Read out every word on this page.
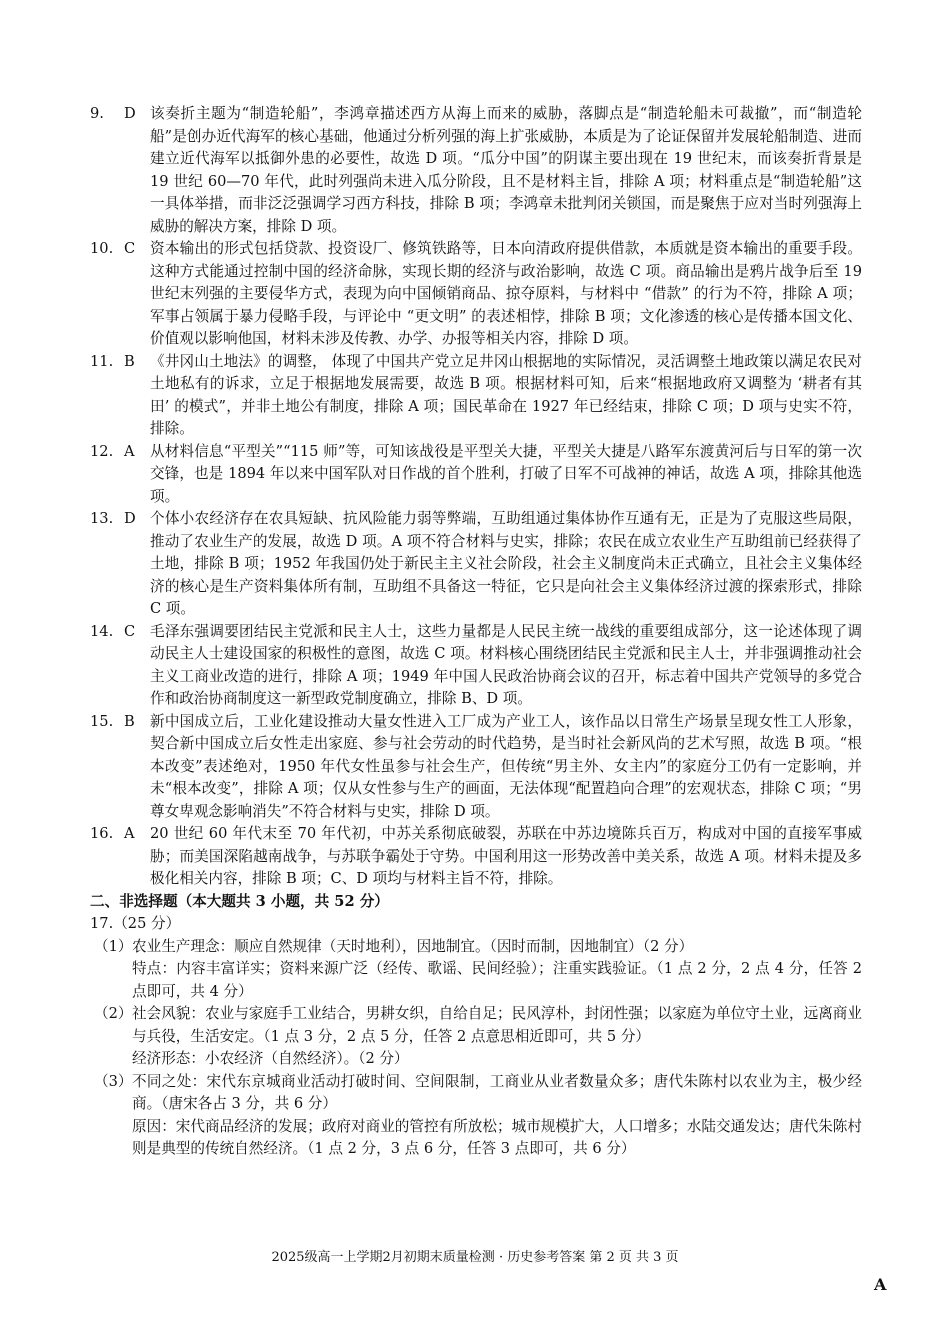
9.	D 该奏折主题为“制造轮船”，李鸿章描述西方从海上而来的威胁，落脚点是“制造轮船未可裁撤”，而“制造轮船”是创办近代海军的核心基础，他通过分析列强的海上扩张威胁，本质是为了论证保留并发展轮船制造、进而建立近代海军以抵御外患的必要性，故选 D 项。“瓜分中国”的阴谋主要出现在 19 世纪末，而该奏折背景是 19 世纪 60—70 年代，此时列强尚未进入瓜分阶段，且不是材料主旨，排除 A 项；材料重点是“制造轮船”这一具体举措，而非泛泛强调学习西方科技，排除 B 项；李鸿章未批判闭关锁国，而是聚焦于应对当时列强海上威胁的解决方案，排除 D 项。
10. C 资本输出的形式包括贷款、投资设厂、修筑铁路等，日本向清政府提供借款，本质就是资本输出的重要手段。这种方式能通过控制中国的经济命脉，实现长期的经济与政治影响，故选 C 项。商品输出是鸦片战争后至 19 世纪末列强的主要侵华方式，表现为向中国倾销商品、掠夺原料，与材料中 “借款” 的行为不符，排除 A 项；军事占领属于暴力侵略手段，与评论中 “更文明” 的表述相悖，排除 B 项；文化渗透的核心是传播本国文化、价值观以影响他国，材料未涉及传教、办学、办报等相关内容，排除 D 项。
11. B 《井冈山土地法》的调整， 体现了中国共产党立足井冈山根据地的实际情况，灵活调整土地政策以满足农民对土地私有的诉求，立足于根据地发展需要，故选 B 项。根据材料可知，后来“根据地政府又调整为 ‘耕者有其田’ 的模式”，并非土地公有制度，排除 A 项；国民革命在 1927 年已经结束，排除 C 项；D 项与史实不符，排除。
12. A 从材料信息“平型关”“115 师”等，可知该战役是平型关大捷，平型关大捷是八路军东渡黄河后与日军的第一次交锋，也是 1894 年以来中国军队对日作战的首个胜利，打破了日军不可战神的神话，故选 A 项，排除其他选项。
13. D 个体小农经济存在农具短缺、抗风险能力弱等弊端，互助组通过集体协作互通有无，正是为了克服这些局限，推动了农业生产的发展，故选 D 项。A 项不符合材料与史实，排除；农民在成立农业生产互助组前已经获得了土地，排除 B 项；1952 年我国仍处于新民主主义社会阶段，社会主义制度尚未正式确立，且社会主义集体经济的核心是生产资料集体所有制，互助组不具备这一特征，它只是向社会主义集体经济过渡的探索形式，排除 C 项。
14. C 毛泽东强调要团结民主党派和民主人士，这些力量都是人民民主统一战线的重要组成部分，这一论述体现了调动民主人士建设国家的积极性的意图，故选 C 项。材料核心围绕团结民主党派和民主人士，并非强调推动社会主义工商业改造的进行，排除 A 项；1949 年中国人民政治协商会议的召开，标志着中国共产党领导的多党合作和政治协商制度这一新型政党制度确立，排除 B、D 项。
15. B 新中国成立后，工业化建设推动大量女性进入工厂成为产业工人，该作品以日常生产场景呈现女性工人形象，契合新中国成立后女性走出家庭、参与社会劳动的时代趋势，是当时社会新风尚的艺术写照，故选 B 项。“根本改变”表述绝对，1950 年代女性虽参与社会生产，但传统“男主外、女主内”的家庭分工仍有一定影响，并未“根本改变”，排除 A 项；仅从女性参与生产的画面，无法体现“配置趋向合理”的宏观状态，排除 C 项；“男尊女卑观念影响消失”不符合材料与史实，排除 D 项。
16. A 20 世纪 60 年代末至 70 年代初，中苏关系彻底破裂，苏联在中苏边境陈兵百万，构成对中国的直接军事威胁；而美国深陷越南战争，与苏联争霸处于守势。中国利用这一形势改善中美关系，故选 A 项。材料未提及多极化相关内容，排除 B 项；C、D 项均与材料主旨不符，排除。
二、非选择题（本大题共 3 小题，共 52 分）
17.（25 分）
（1） 农业生产理念：顺应自然规律（天时地利），因地制宜。（因时而制，因地制宜）（2 分）
特点：内容丰富详实；资料来源广泛（经传、歌谣、民间经验）；注重实践验证。（1 点 2 分，2 点 4 分，任答 2 点即可，共 4 分）
（2） 社会风貌：农业与家庭手工业结合，男耕女织，自给自足；民风淳朴，封闭性强；以家庭为单位守土业，远离商业与兵役，生活安定。（1 点 3 分，2 点 5 分，任答 2 点意思相近即可，共 5 分）
经济形态：小农经济（自然经济）。（2 分）
（3） 不同之处：宋代东京城商业活动打破时间、空间限制，工商业从业者数量众多；唐代朱陈村以农业为主，极少经商。（唐宋各占 3 分，共 6 分）
原因：宋代商品经济的发展；政府对商业的管控有所放松；城市规模扩大，人口增多；水陆交通发达；唐代朱陈村则是典型的传统自然经济。（1 点 2 分，3 点 6 分，任答 3 点即可，共 6 分）
2025级高一上学期2月初期末质量检测 · 历史参考答案 第 2 页 共 3 页
A
